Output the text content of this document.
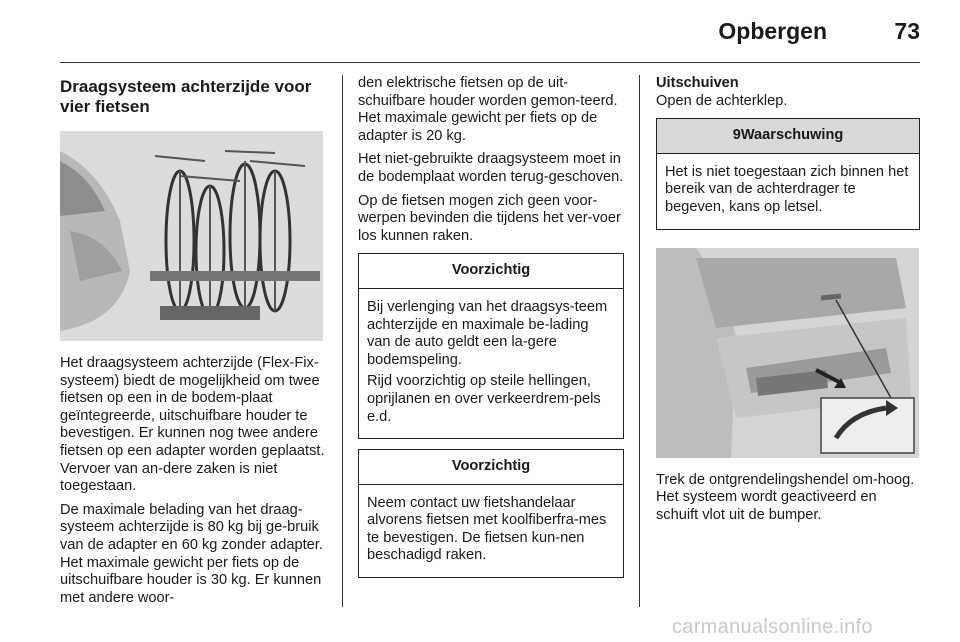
Opbergen	73
Draagsysteem achterzijde voor vier fietsen

Het draagsysteem achterzijde (Flex-Fix-systeem) biedt de mogelijkheid om twee fietsen op een in de bodem-plaat geïntegreerde, uitschuifbare houder te bevestigen. Er kunnen nog twee andere fietsen op een adapter worden geplaatst. Vervoer van an-dere zaken is niet toegestaan.

De maximale belading van het draag-systeem achterzijde is 80 kg bij ge-bruik van de adapter en 60 kg zonder adapter. Het maximale gewicht per fiets op de uitschuifbare houder is 30 kg. Er kunnen met andere woor-

den elektrische fietsen op de uit-schuifbare houder worden gemon-teerd. Het maximale gewicht per fiets op de adapter is 20 kg.

Het niet-gebruikte draagsysteem moet in de bodemplaat worden terug-geschoven.

Op de fietsen mogen zich geen voor-werpen bevinden die tijdens het ver-voer los kunnen raken.

Voorzichtig

Bij verlenging van het draagsys-teem achterzijde en maximale be-lading van de auto geldt een la-gere bodemspeling.

Rijd voorzichtig op steile hellingen, oprijlanen en over verkeerdrem-pels e.d.

Voorzichtig

Neem contact uw fietshandelaar alvorens fietsen met koolfiberfra-mes te bevestigen. De fietsen kun-nen beschadigd raken.

Uitschuiven

Open de achterklep.

9Waarschuwing

Het is niet toegestaan zich binnen het bereik van de achterdrager te begeven, kans op letsel.

Trek de ontgrendelingshendel om-hoog. Het systeem wordt geactiveerd en schuift vlot uit de bumper.

carmanualsonline.info
